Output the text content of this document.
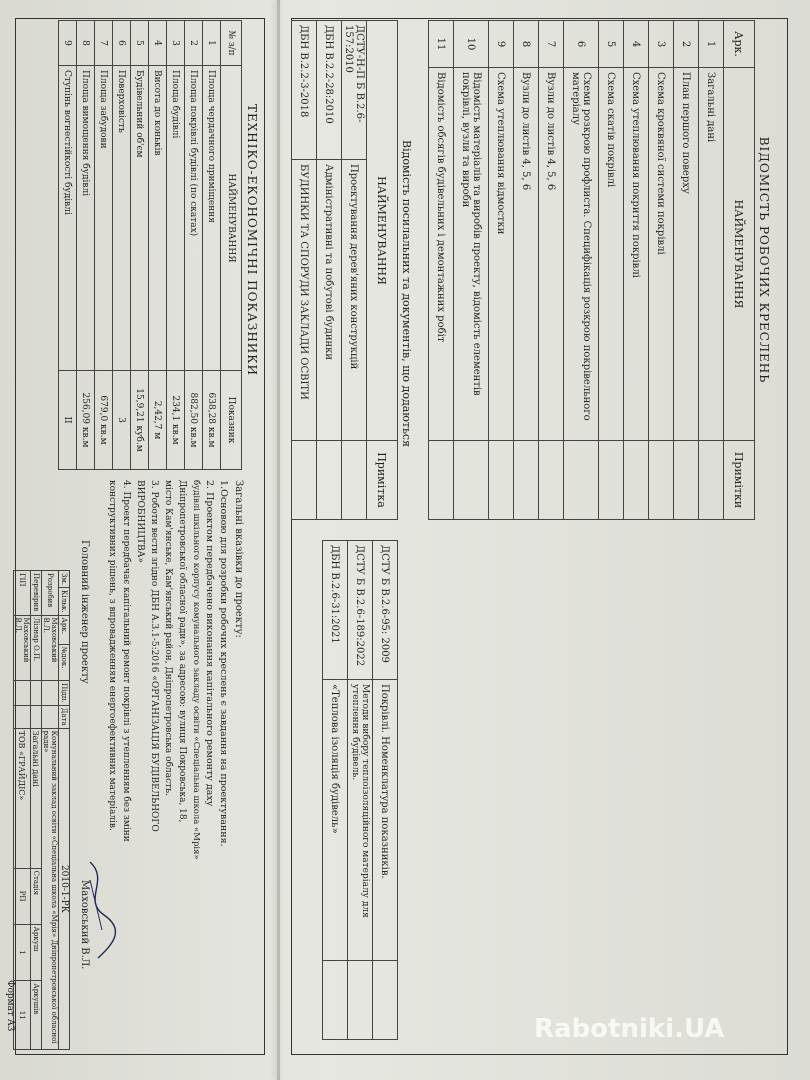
ВІДОМІСТЬ РОБОЧИХ КРЕСЛЕНЬ
Арк.	НАЙМЕНУВАННЯ	Примітки
1	Загальні дані	
2	План першого поверху	
3	Схема кроквяної системи покрівлі	
4	Схема утеплювання покриття покрівлі	
5	Схема скатів покрівлі	
6	Схеми розкрою профлиста. Специфікація розкрою покрівельного матеріалу	
7	Вузли до листів 4, 5, 6	
8	Вузли до листів 4, 5, 6	
9	Схема утеплювання відмостки	
10	Відомість матеріалів та виробів проекту, відомість елементів покрівлі, вузли та вироби	
11	Відомість обсягів будівельних і демонтажних робіт	
Відомість посилальних та документів, що додаються
НАЙМЕНУВАННЯ		Примітка
ДСТУ-Н-П Б В.2.6-157:2010	Проектування дерев'яних конструкцій	
ДБН В.2.2-28:2010	Адміністративні та побутові будинки	
ДБН В.2.2-3-2018	БУДИНКИ ТА СПОРУДИ ЗАКЛАДИ ОСВІТИ	
ДСТУ Б В.2.6-95: 2009	Покрівлі. Номенклатура показників.	
ДСТУ Б В.2.6-189:2022	Методи вибору теплоізоляційного матеріалу для утеплення будівель.	
ДБН В.2.6-31:2021	«Теплова ізоляція будівель»	
ТЕХНІКО-ЕКОНОМІЧНІ ПОКАЗНИКИ
№ з/п	НАЙМЕНУВАННЯ	Показник
1	Площа чердачного приміщення	638,28 кв.м
2	Площа покрівлі будівлі (по скатах)	882,50 кв.м
3	Площа будівлі	234,1 кв.м
4	Висота до коньків	2,42,7 м
5	Будівельний об'єм	15,9,21 куб.м
6	Поверховість	3
7	Площа забудови	679,0 кв.м
8	Площа вимощення будівлі	256,09 кв.м
9	Ступінь вогнестійкості будівлі	II
Загальні вказівки до проекту:
1.Основою для розробки робочих креслень є завдання на проектування.
2. Проектом передбачено виконання капітального ремонту даху
будівлі шкільного корпусу комунального закладу освіти «Спеціальна школа «Мрія»
Дніпропетровської обласної ради», за адресою: вулиця Покровська, 18,
місто Кам'янське, Кам'янський район, Дніпропетровська область.
3. Роботи вести згідно ДБН А.3.1-5:2016 «ОРГАНІЗАЦІЯ БУДІВЕЛЬНОГО
ВИРОБНИЦТВА»
4. Проект передбачає капітальний ремонт покрівлі з утепленням без зміни
конструктивних рішень, з впровадженням енергоефективних матеріалів.
Головний інженер проекту
Маховський В.Л.
Зм.	Кільк.	Арк.	№док.	Підп.	Дата	2010-1-РК			
Розробив		Маховський В.Л.				Комунальний заклад освіти «Спеціальна школа «Мрія» Дніпропетровської обласної ради»			
Перевірив		Лізнар О.П.				Загальні дані	Стадія	Аркуш	Аркушів
ГІП		Маховський В.Л.				ТОВ «ГРАЙДІС»	РП	1	11
Формат А3	Rabotniki.UA
